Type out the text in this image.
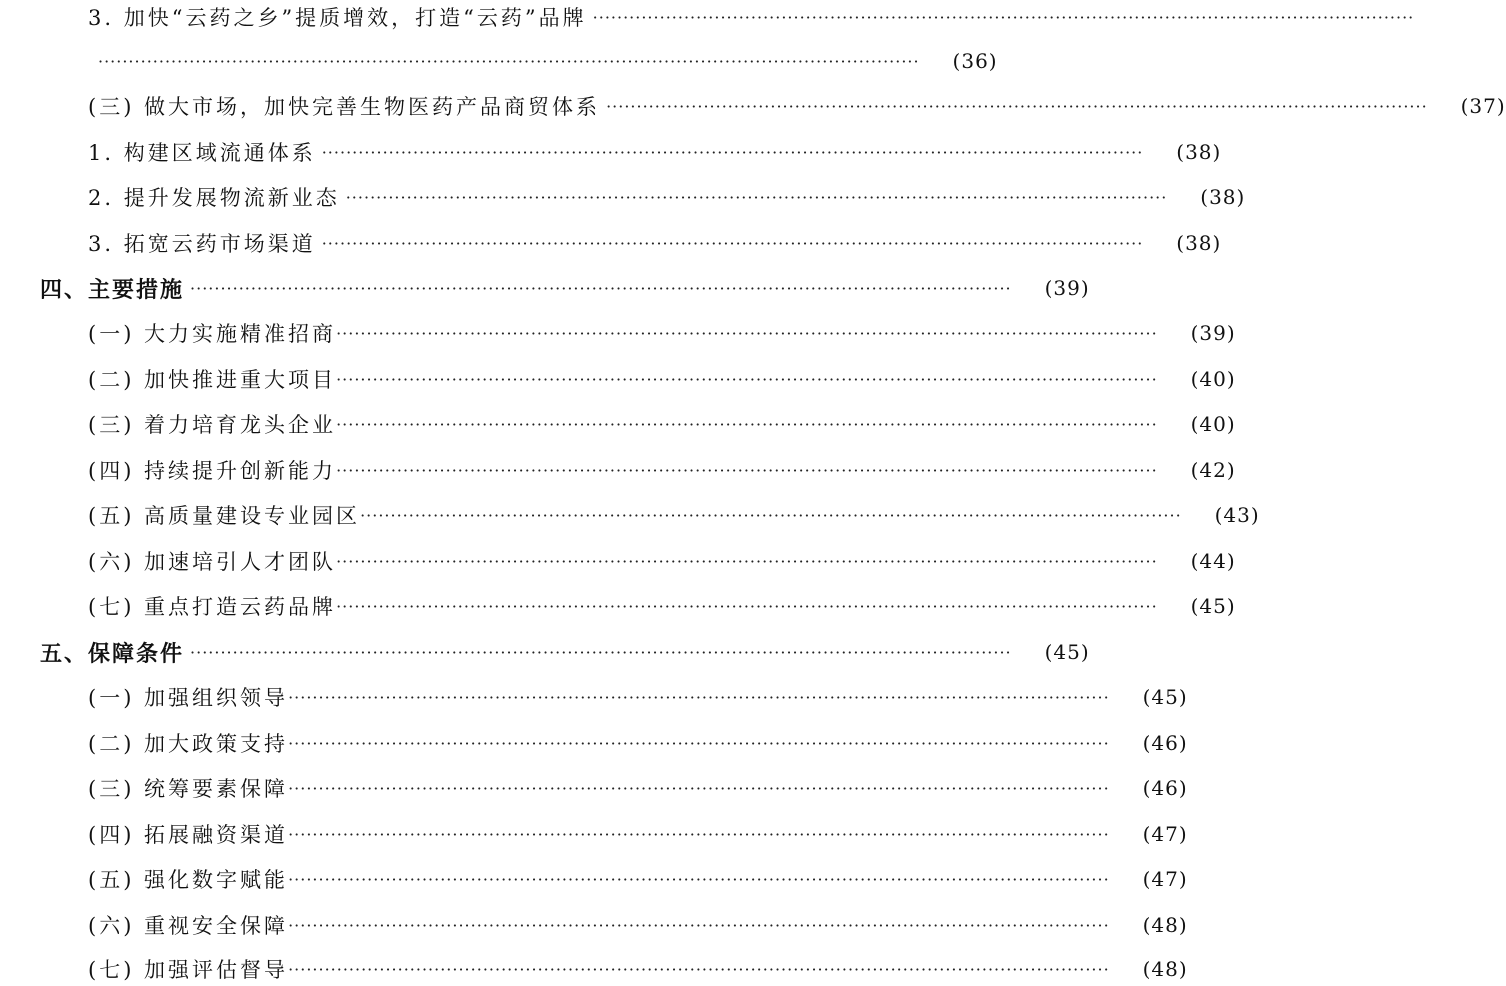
3. 加快“云药之乡”提质增效，打造“云药”品牌 ·······································································································································
·······································································································································	(36)
(三) 做大市场，加快完善生物医药产品商贸体系 ·······································································································································	(37)
1. 构建区域流通体系 ·······································································································································	(38)
2. 提升发展物流新业态 ·······································································································································	(38)
3. 拓宽云药市场渠道 ·······································································································································	(38)
四、主要措施 ·······································································································································	(39)
(一) 大力实施精准招商 ·······································································································································	(39)
(二) 加快推进重大项目 ·······································································································································	(40)
(三) 着力培育龙头企业 ·······································································································································	(40)
(四) 持续提升创新能力 ·······································································································································	(42)
(五) 高质量建设专业园区 ·······································································································································	(43)
(六) 加速培引人才团队 ·······································································································································	(44)
(七) 重点打造云药品牌 ·······································································································································	(45)
五、保障条件 ·······································································································································	(45)
(一) 加强组织领导 ·······································································································································	(45)
(二) 加大政策支持 ·······································································································································	(46)
(三) 统筹要素保障 ·······································································································································	(46)
(四) 拓展融资渠道 ·······································································································································	(47)
(五) 强化数字赋能 ·······································································································································	(47)
(六) 重视安全保障 ·······································································································································	(48)
(七) 加强评估督导 ·······································································································································	(48)
